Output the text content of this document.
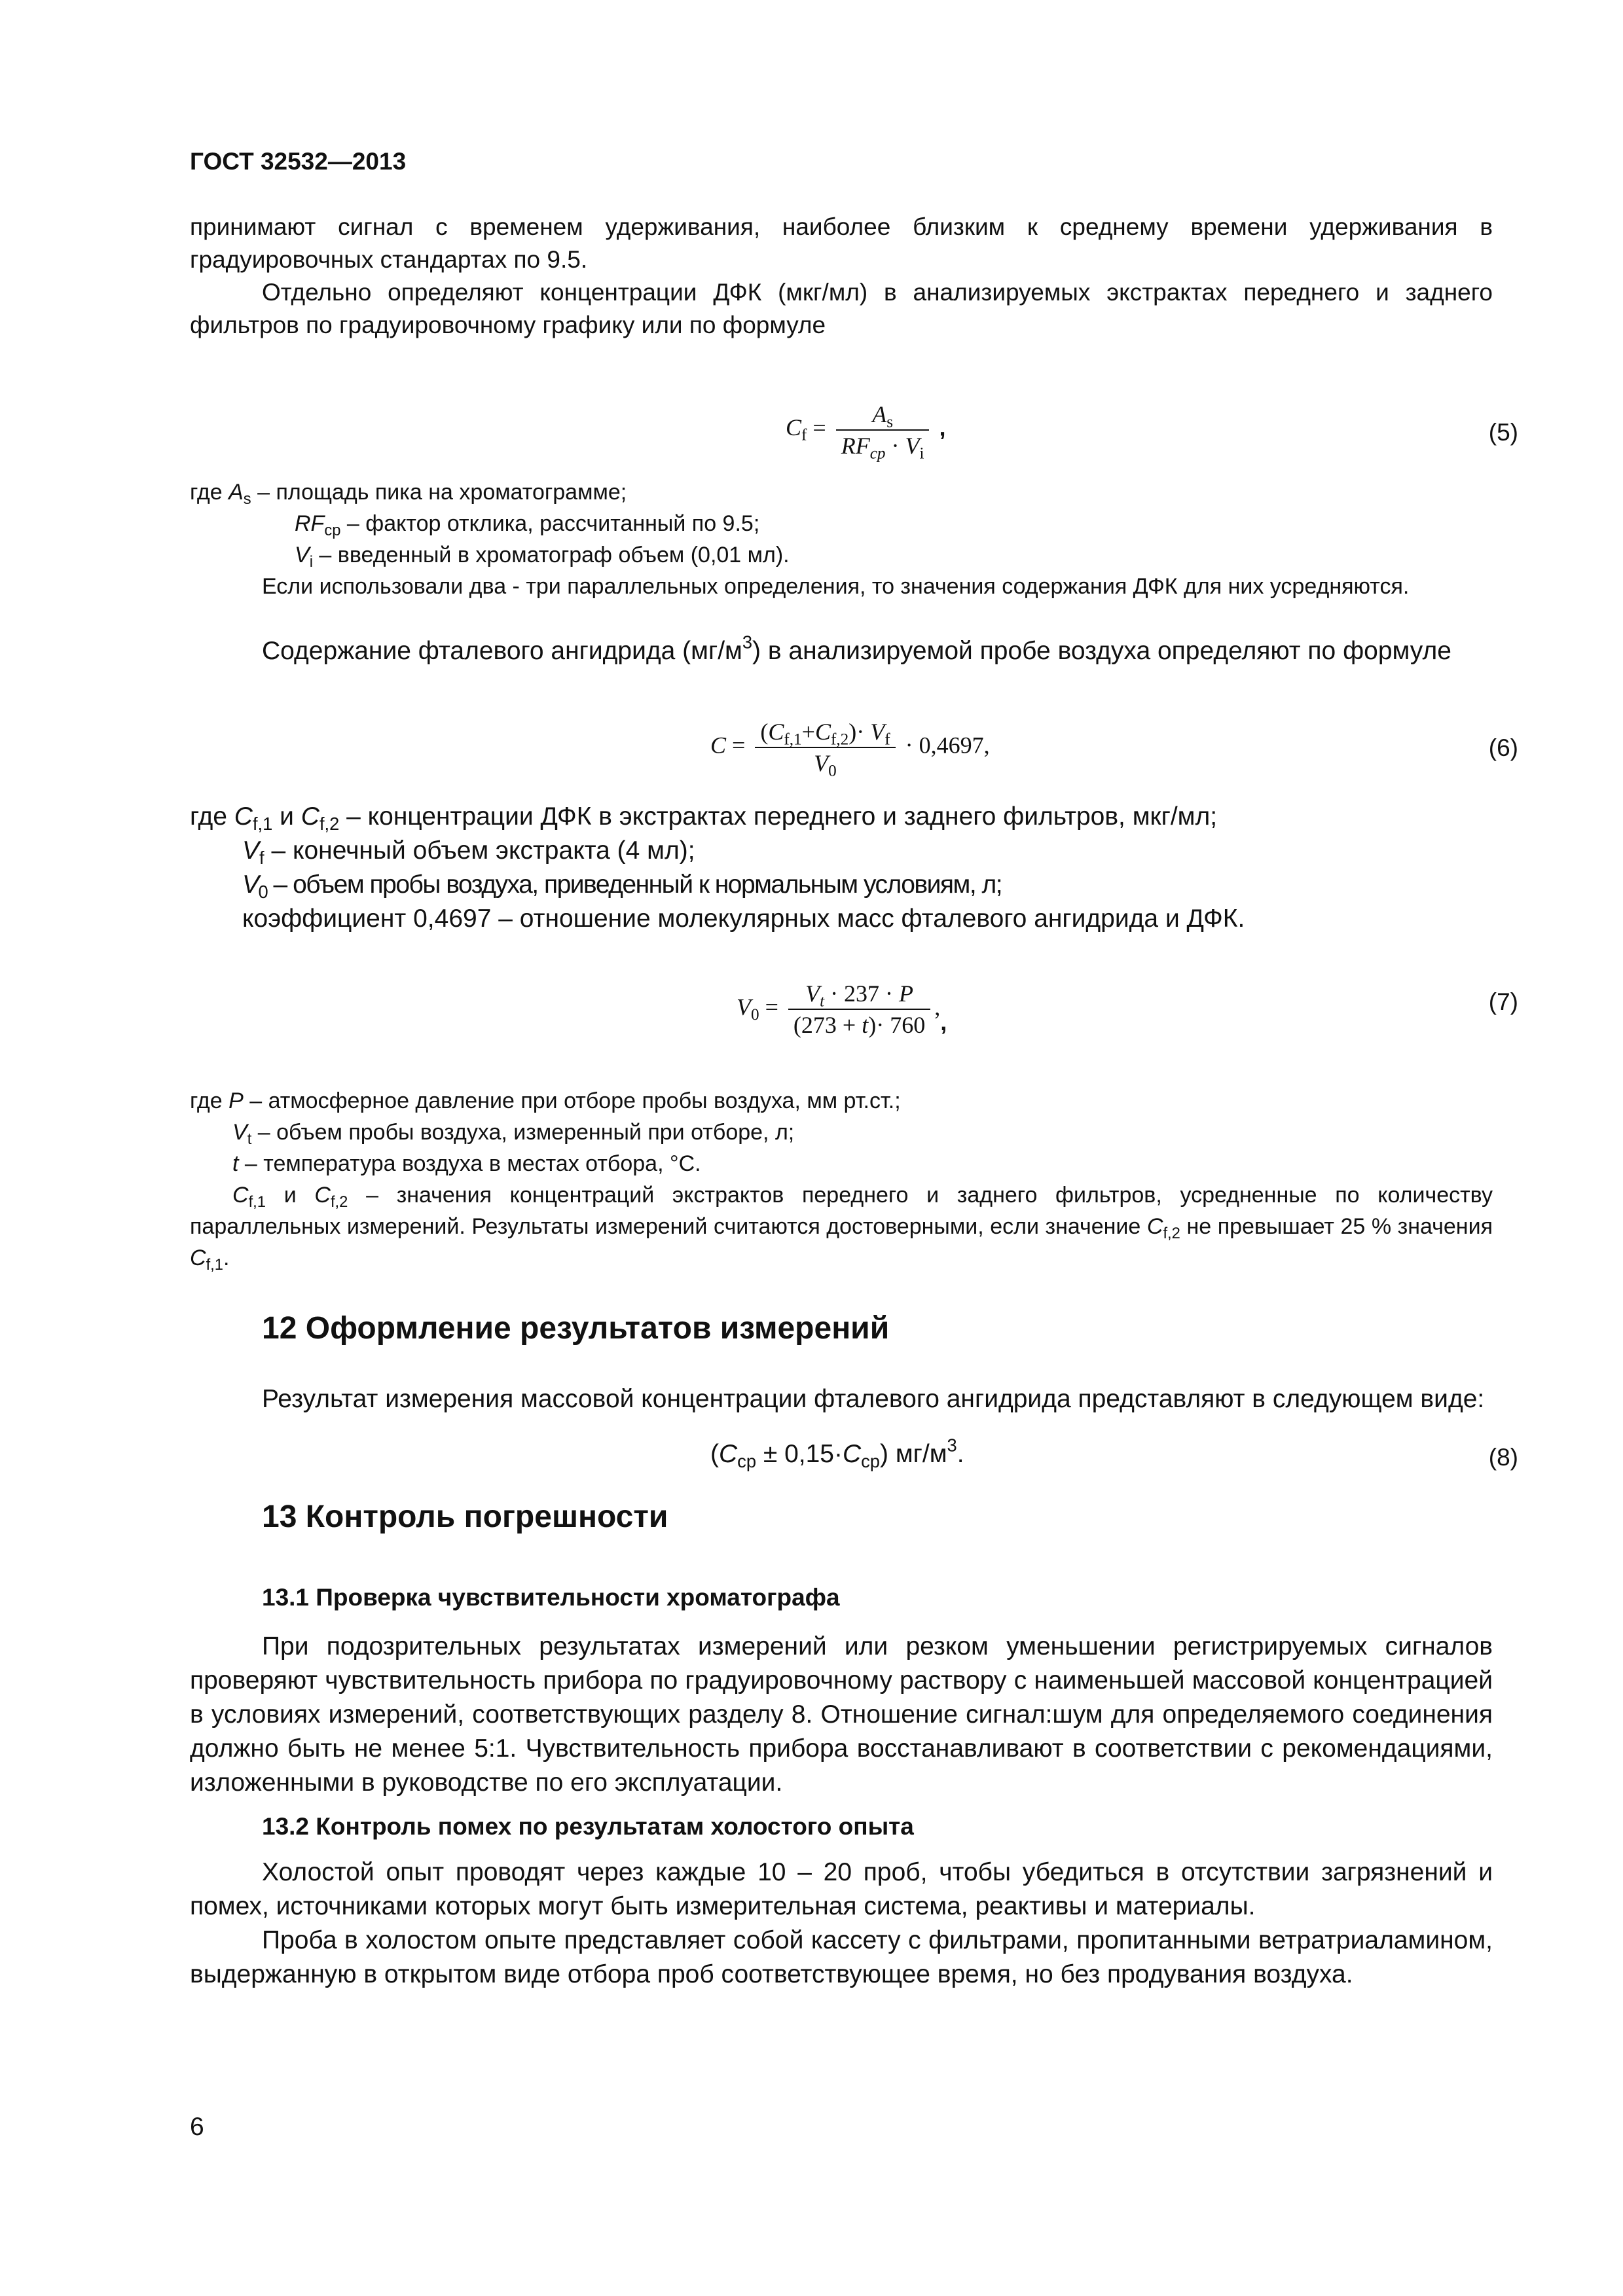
ГОСТ 32532—2013

принимают сигнал с временем удерживания, наиболее близким к среднему времени удерживания в градуировочных стандартах по 9.5.

Отдельно определяют концентрации ДФК (мкг/мл) в анализируемых экстрактах переднего и заднего фильтров по градуировочному графику или по формуле

$C_f = \frac{A_s}{RF_{cp} \cdot V_i}$ ,	(5)

где $A_s$ – площадь пика на хроматограмме;

$RF_{cp}$ – фактор отклика, рассчитанный по 9.5;

$V_i$ – введенный в хроматограф объем (0,01 мл).

Если использовали два - три параллельных определения, то значения содержания ДФК для них усредняются.

Содержание фталевого ангидрида $(мг/м^3)$ в анализируемой пробе воздуха определяют по формуле

$C = \frac{(C_{f,1}+C_{f,2})\cdot V_f}{V_0} \cdot 0,4697$,	(6)

где $C_{f,1}$ и $C_{f,2}$ – концентрации ДФК в экстрактах переднего и заднего фильтров, мкг/мл;

$V_f$ – конечный объем экстракта (4 мл);

$V_0$ – объем пробы воздуха, приведенный к нормальным условиям, л;

коэффициент 0,4697 – отношение молекулярных масс фталевого ангидрида и ДФК.

$V_0 = \frac{V_t \cdot 237 \cdot P}{(273 + t)\cdot 760}$ ,,
(7)

где P – атмосферное давление при отборе пробы воздуха, мм рт.ст.;

$V_t$ – объем пробы воздуха, измеренный при отборе, л;

t – температура воздуха в местах отбора, °С.

$C_{f,1}$ и $C_{f,2}$ – значения концентраций экстрактов переднего и заднего фильтров, усредненные по количеству параллельных измерений. Результаты измерений считаются достоверными, если значение $C_{f,2}$ не превышает 25 % значения $C_{f,1}$.

12 Оформление результатов измерений

Результат измерения массовой концентрации фталевого ангидрида представляют в следующем виде:

$(C_{cp} \pm 0,15\cdot C_{cp})$ $мг/м^3$.	(8)
13 Контроль погрешности
13.1 Проверка чувствительности хроматографа

При подозрительных результатах измерений или резком уменьшении регистрируемых сигналов проверяют чувствительность прибора по градуировочному раствору с наименьшей массовой концентрацией в условиях измерений, соответствующих разделу 8. Отношение сигнал:шум для определяемого соединения должно быть не менее 5:1. Чувствительность прибора восстанавливают в соответствии с рекомендациями, изложенными в руководстве по его эксплуатации.

13.2 Контроль помех по результатам холостого опыта

Холостой опыт проводят через каждые 10 – 20 проб, чтобы убедиться в отсутствии загрязнений и помех, источниками которых могут быть измерительная система, реактивы и материалы.

Проба в холостом опыте представляет собой кассету с фильтрами, пропитанными ветратриаламином, выдержанную в открытом виде отбора проб соответствующее время, но без продувания воздуха.

6
